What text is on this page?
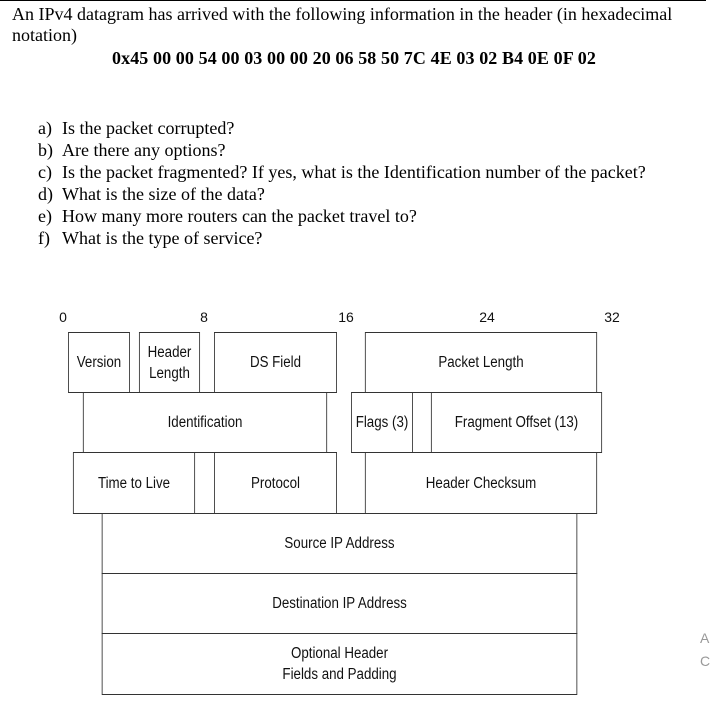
An IPv4 datagram has arrived with the following information in the header (in hexadecimal notation)
0x45 00 00 54 00 03 00 00 20 06 58 50 7C 4E 03 02 B4 0E 0F 02
a) Is the packet corrupted?
b) Are there any options?
c) Is the packet fragmented? If yes, what is the Identification number of the packet?
d) What is the size of the data?
e) How many more routers can the packet travel to?
f) What is the type of service?
0	8	16	24	32
Version
Header
Length
DS Field	Packet Length
Identification	Flags (3)	Fragment Offset (13)
Time to Live	Protocol	Header Checksum
Source IP Address
Destination IP Address
Optional Header
Fields and Padding
A
C
